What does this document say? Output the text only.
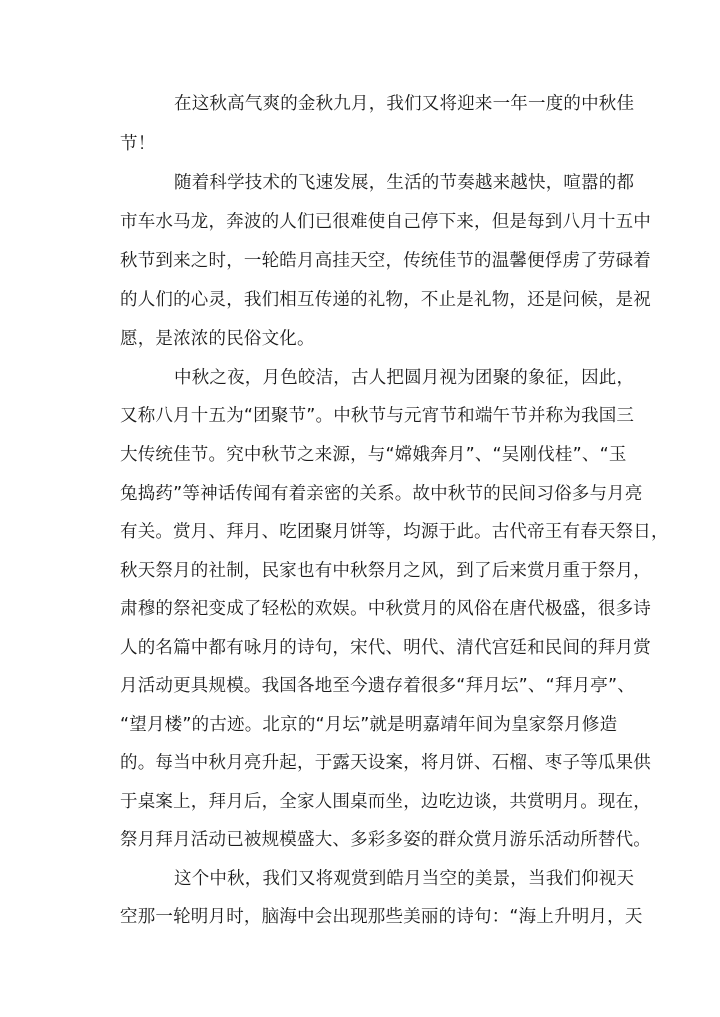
在这秋高气爽的金秋九月，我们又将迎来一年一度的中秋佳
节！
随着科学技术的飞速发展，生活的节奏越来越快，喧嚣的都
市车水马龙，奔波的人们已很难使自己停下来，但是每到八月十五中
秋节到来之时，一轮皓月高挂天空，传统佳节的温馨便俘虏了劳碌着
的人们的心灵，我们相互传递的礼物，不止是礼物，还是问候，是祝
愿，是浓浓的民俗文化。
中秋之夜，月色皎洁，古人把圆月视为团聚的象征，因此，
又称八月十五为“团聚节”。中秋节与元宵节和端午节并称为我国三
大传统佳节。究中秋节之来源，与“嫦娥奔月”、“吴刚伐桂”、“玉
兔捣药”等神话传闻有着亲密的关系。故中秋节的民间习俗多与月亮
有关。赏月、拜月、吃团聚月饼等，均源于此。古代帝王有春天祭日，
秋天祭月的社制，民家也有中秋祭月之风，到了后来赏月重于祭月，
肃穆的祭祀变成了轻松的欢娱。中秋赏月的风俗在唐代极盛，很多诗
人的名篇中都有咏月的诗句，宋代、明代、清代宫廷和民间的拜月赏
月活动更具规模。我国各地至今遗存着很多“拜月坛”、“拜月亭”、
“望月楼”的古迹。北京的“月坛”就是明嘉靖年间为皇家祭月修造
的。每当中秋月亮升起，于露天设案，将月饼、石榴、枣子等瓜果供
于桌案上，拜月后，全家人围桌而坐，边吃边谈，共赏明月。现在，
祭月拜月活动已被规模盛大、多彩多姿的群众赏月游乐活动所替代。
这个中秋，我们又将观赏到皓月当空的美景，当我们仰视天
空那一轮明月时，脑海中会出现那些美丽的诗句：“海上升明月，天
